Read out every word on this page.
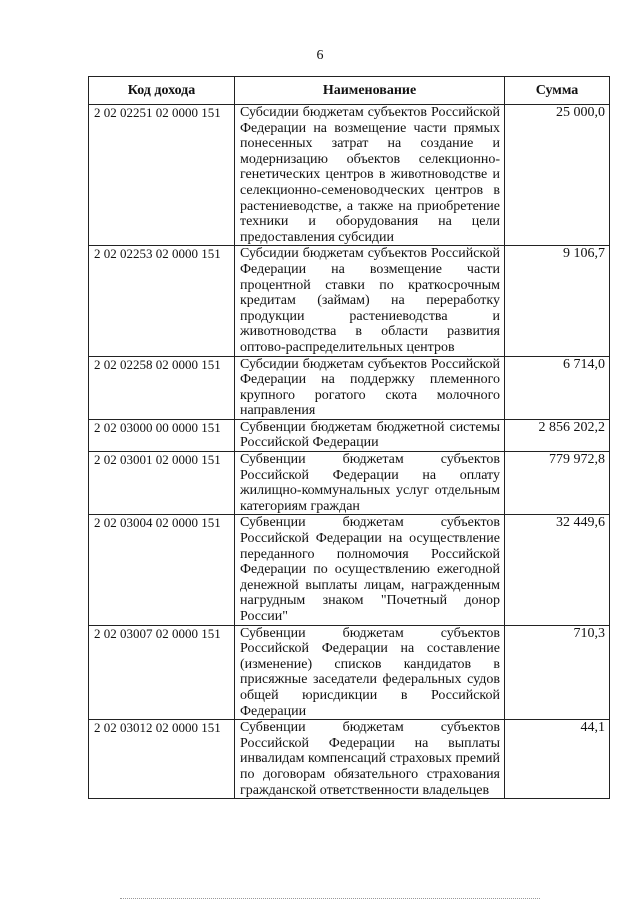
6
Код дохода	Наименование	Сумма
2 02 02251 02 0000 151	Субсидии бюджетам субъектов Российской Федерации на возмещение части прямых понесенных затрат на создание и модернизацию объектов селекционно-генетических центров в животноводстве и селекционно-семеноводческих центров в растениеводстве, а также на приобретение техники и оборудования на цели предоставления субсидии	25 000,0
2 02 02253 02 0000 151	Субсидии бюджетам субъектов Российской Федерации на возмещение части процентной ставки по краткосрочным кредитам (займам) на переработку продукции растениеводства и животноводства в области развития оптово-распределительных центров	9 106,7
2 02 02258 02 0000 151	Субсидии бюджетам субъектов Российской Федерации на поддержку племенного крупного рогатого скота молочного направления	6 714,0
2 02 03000 00 0000 151	Субвенции бюджетам бюджетной системы Российской Федерации	2 856 202,2
2 02 03001 02 0000 151	Субвенции бюджетам субъектов Российской Федерации на оплату жилищно-коммунальных услуг отдельным категориям граждан	779 972,8
2 02 03004 02 0000 151	Субвенции бюджетам субъектов Российской Федерации на осуществление переданного полномочия Российской Федерации по осуществлению ежегодной денежной выплаты лицам, награжденным нагрудным знаком "Почетный донор России"	32 449,6
2 02 03007 02 0000 151	Субвенции бюджетам субъектов Российской Федерации на составление (изменение) списков кандидатов в присяжные заседатели федеральных судов общей юрисдикции в Российской Федерации	710,3
2 02 03012 02 0000 151	Субвенции бюджетам субъектов Российской Федерации на выплаты инвалидам компенсаций страховых премий по договорам обязательного страхования гражданской ответственности владельцев	44,1
